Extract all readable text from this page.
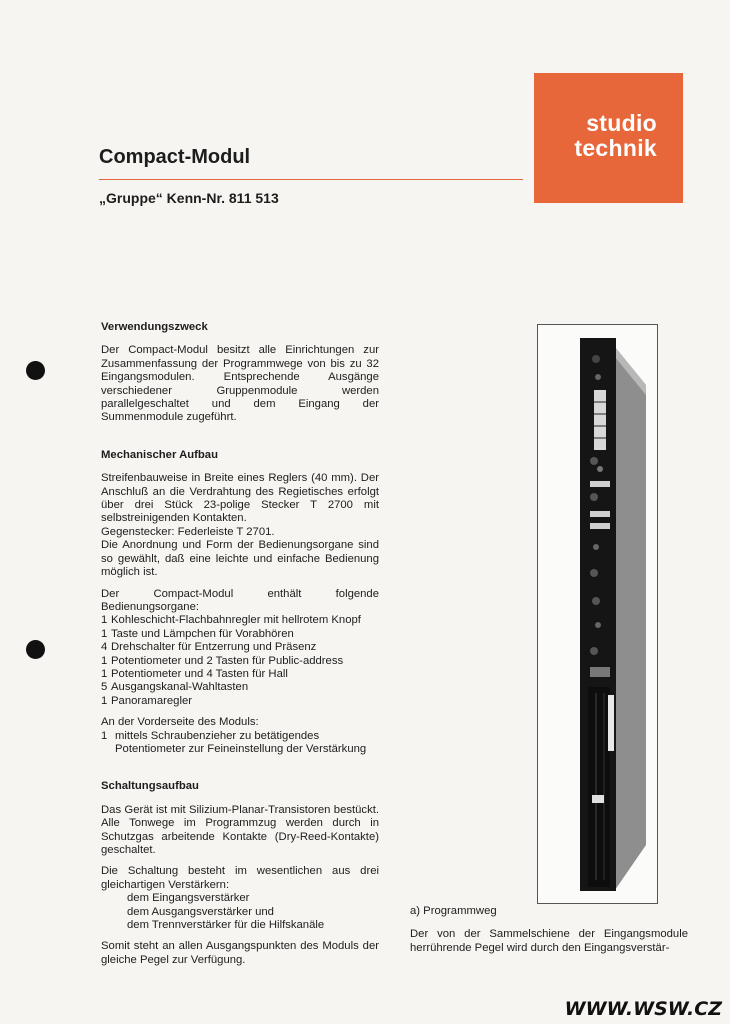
studio
technik
Compact-Modul
„Gruppe“ Kenn-Nr. 811 513
Verwendungszweck

Der Compact-Modul besitzt alle Einrichtungen zur Zusammenfassung der Programmwege von bis zu 32 Eingangsmodulen. Entsprechende Ausgänge verschiedener Gruppenmodule werden parallelgeschaltet und dem Eingang der Summenmodule zugeführt.

Mechanischer Aufbau

Streifenbauweise in Breite eines Reglers (40 mm). Der Anschluß an die Verdrahtung des Regietisches erfolgt über drei Stück 23-polige Stecker T 2700 mit selbstreinigenden Kontakten.

Gegenstecker: Federleiste T 2701.

Die Anordnung und Form der Bedienungsorgane sind so gewählt, daß eine leichte und einfache Bedienung möglich ist.

Der Compact-Modul enthält folgende Bedienungsorgane:

1 Kohleschicht-Flachbahnregler mit hellrotem Knopf
1 Taste und Lämpchen für Vorabhören
4 Drehschalter für Entzerrung und Präsenz
1 Potentiometer und 2 Tasten für Public-address
1 Potentiometer und 4 Tasten für Hall
5 Ausgangskanal-Wahltasten
1 Panoramaregler

An der Vorderseite des Moduls:

1 mittels Schraubenzieher zu betätigendes Potentiometer zur Feineinstellung der Verstärkung
Schaltungsaufbau

Das Gerät ist mit Silizium-Planar-Transistoren bestückt. Alle Tonwege im Programmzug werden durch in Schutzgas arbeitende Kontakte (Dry-Reed-Kontakte) geschaltet.

Die Schaltung besteht im wesentlichen aus drei gleichartigen Verstärkern:

dem Eingangsverstärker
dem Ausgangsverstärker und
dem Trennverstärker für die Hilfskanäle

Somit steht an allen Ausgangspunkten des Moduls der gleiche Pegel zur Verfügung.

a) Programmweg

Der von der Sammelschiene der Eingangsmodule herrührende Pegel wird durch den Eingangsverstär-

WWW.WSW.CZ
